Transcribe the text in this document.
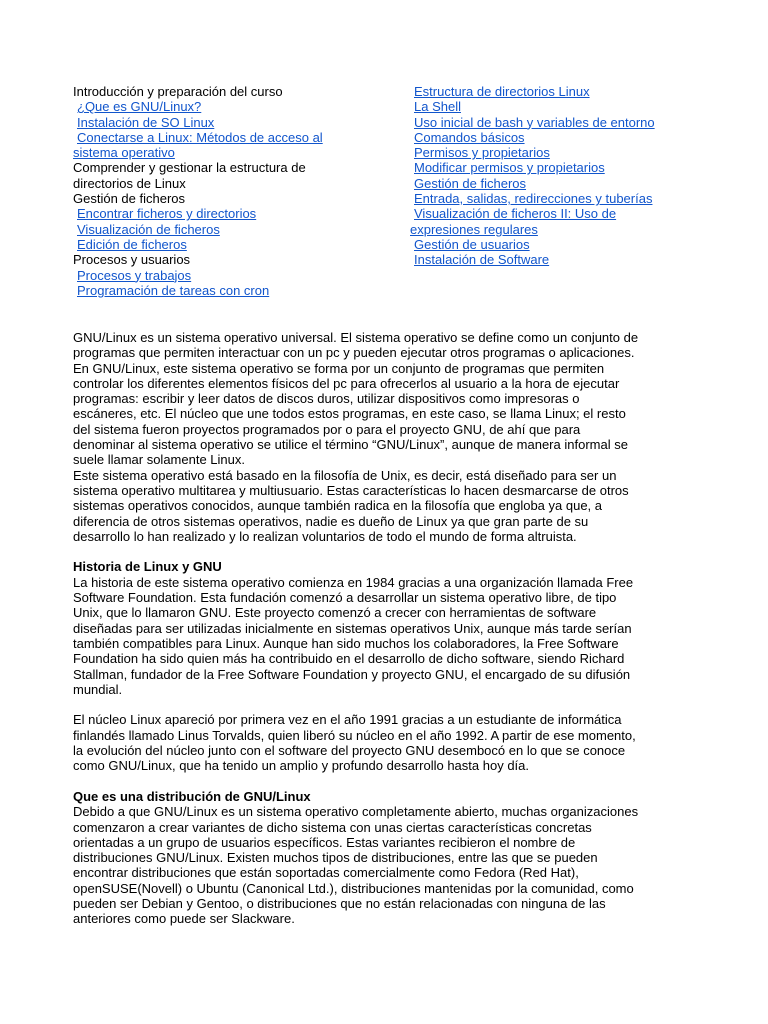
Introducción y preparación del curso
¿Que es GNU/Linux?
Instalación de SO Linux
Conectarse a Linux: Métodos de acceso al
sistema operativo
Comprender y gestionar la estructura de
directorios de Linux
Gestión de ficheros
Encontrar ficheros y directorios
Visualización de ficheros
Edición de ficheros
Procesos y usuarios
Procesos y trabajos
Programación de tareas con cron
Estructura de directorios Linux
La Shell
Uso inicial de bash y variables de entorno
Comandos básicos
Permisos y propietarios
Modificar permisos y propietarios
Gestión de ficheros
Entrada, salidas, redirecciones y tuberías
Visualización de ficheros II: Uso de
expresiones regulares
Gestión de usuarios
Instalación de Software

GNU/Linux es un sistema operativo universal. El sistema operativo se define como un conjunto de
programas que permiten interactuar con un pc y pueden ejecutar otros programas o aplicaciones.
En GNU/Linux, este sistema operativo se forma por un conjunto de programas que permiten
controlar los diferentes elementos físicos del pc para ofrecerlos al usuario a la hora de ejecutar
programas: escribir y leer datos de discos duros, utilizar dispositivos como impresoras o
escáneres, etc. El núcleo que une todos estos programas, en este caso, se llama Linux; el resto
del sistema fueron proyectos programados por o para el proyecto GNU, de ahí que para
denominar al sistema operativo se utilice el término “GNU/Linux”, aunque de manera informal se
suele llamar solamente Linux.
Este sistema operativo está basado en la filosofía de Unix, es decir, está diseñado para ser un
sistema operativo multitarea y multiusuario. Estas características lo hacen desmarcarse de otros
sistemas operativos conocidos, aunque también radica en la filosofía que engloba ya que, a
diferencia de otros sistemas operativos, nadie es dueño de Linux ya que gran parte de su
desarrollo lo han realizado y lo realizan voluntarios de todo el mundo de forma altruista.

Historia de Linux y GNU

La historia de este sistema operativo comienza en 1984 gracias a una organización llamada Free
Software Foundation. Esta fundación comenzó a desarrollar un sistema operativo libre, de tipo
Unix, que lo llamaron GNU. Este proyecto comenzó a crecer con herramientas de software
diseñadas para ser utilizadas inicialmente en sistemas operativos Unix, aunque más tarde serían
también compatibles para Linux. Aunque han sido muchos los colaboradores, la Free Software
Foundation ha sido quien más ha contribuido en el desarrollo de dicho software, siendo Richard
Stallman, fundador de la Free Software Foundation y proyecto GNU, el encargado de su difusión
mundial.

El núcleo Linux apareció por primera vez en el año 1991 gracias a un estudiante de informática
finlandés llamado Linus Torvalds, quien liberó su núcleo en el año 1992. A partir de ese momento,
la evolución del núcleo junto con el software del proyecto GNU desembocó en lo que se conoce
como GNU/Linux, que ha tenido un amplio y profundo desarrollo hasta hoy día.

Que es una distribución de GNU/Linux

Debido a que GNU/Linux es un sistema operativo completamente abierto, muchas organizaciones
comenzaron a crear variantes de dicho sistema con unas ciertas características concretas
orientadas a un grupo de usuarios específicos. Estas variantes recibieron el nombre de
distribuciones GNU/Linux. Existen muchos tipos de distribuciones, entre las que se pueden
encontrar distribuciones que están soportadas comercialmente como Fedora (Red Hat),
openSUSE(Novell) o Ubuntu (Canonical Ltd.), distribuciones mantenidas por la comunidad, como
pueden ser Debian y Gentoo, o distribuciones que no están relacionadas con ninguna de las
anteriores como puede ser Slackware.
